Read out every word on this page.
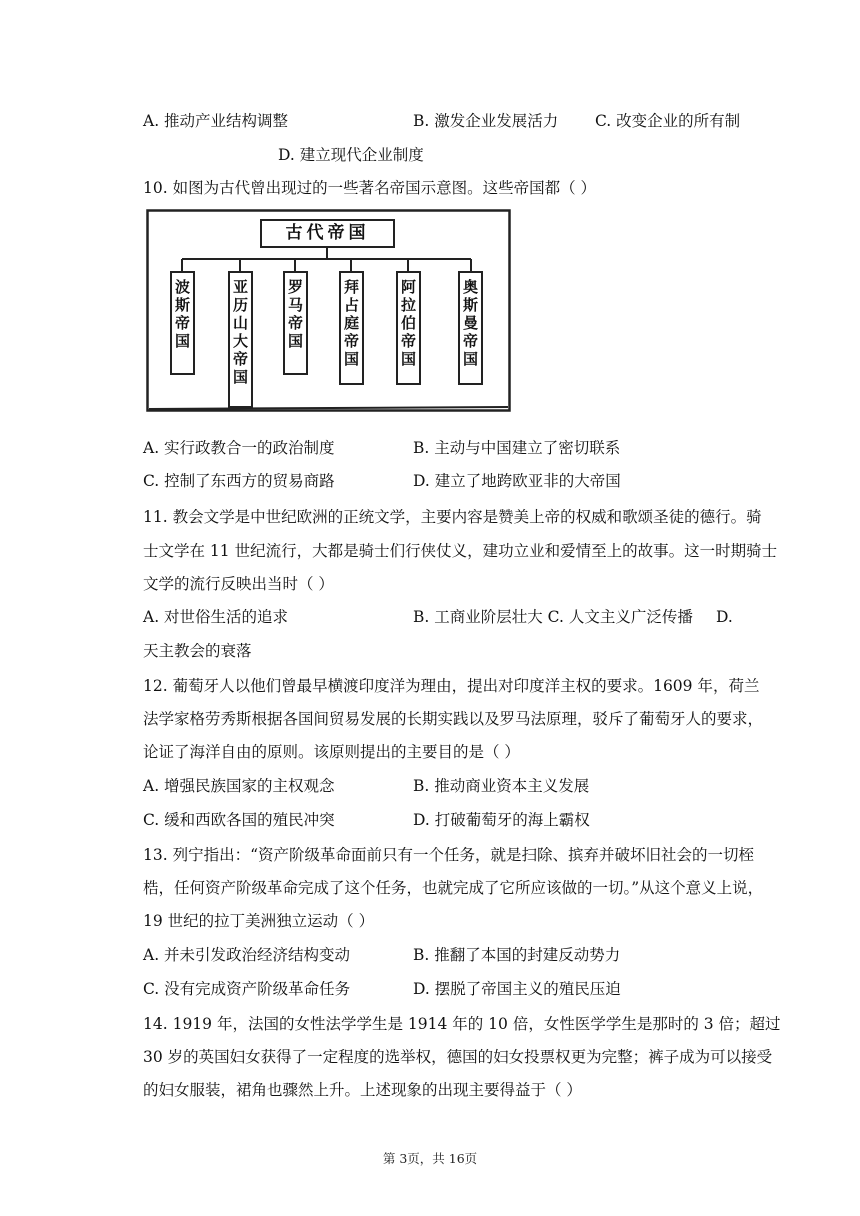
A. 推动产业结构调整	B. 激发企业发展活力 C. 改变企业的所有制
D. 建立现代企业制度
10. 如图为古代曾出现过的一些著名帝国示意图。这些帝国都（ ）
古代帝国
波斯帝国	亚历山大帝国 罗马帝国	拜占庭帝国	阿拉伯帝国	奥斯曼帝国
A. 实行政教合一的政治制度	B. 主动与中国建立了密切联系
C. 控制了东西方的贸易商路	D. 建立了地跨欧亚非的大帝国
11. 教会文学是中世纪欧洲的正统文学，主要内容是赞美上帝的权威和歌颂圣徒的德行。骑
士文学在 11 世纪流行，大都是骑士们行侠仗义，建功立业和爱情至上的故事。这一时期骑士
文学的流行反映出当时（ ）
A. 对世俗生活的追求	B. 工商业阶层壮大 C. 人文主义广泛传播 D.
天主教会的衰落
12. 葡萄牙人以他们曾最早横渡印度洋为理由，提出对印度洋主权的要求。1609 年，荷兰
法学家格劳秀斯根据各国间贸易发展的长期实践以及罗马法原理，驳斥了葡萄牙人的要求，
论证了海洋自由的原则。该原则提出的主要目的是（ ）
A. 增强民族国家的主权观念	B. 推动商业资本主义发展
C. 缓和西欧各国的殖民冲突	D. 打破葡萄牙的海上霸权
13. 列宁指出：“资产阶级革命面前只有一个任务，就是扫除、摈弃并破坏旧社会的一切桎
梏，任何资产阶级革命完成了这个任务，也就完成了它所应该做的一切。”从这个意义上说，
19 世纪的拉丁美洲独立运动（ ）
A. 并未引发政治经济结构变动	B. 推翻了本国的封建反动势力
C. 没有完成资产阶级革命任务	D. 摆脱了帝国主义的殖民压迫
14. 1919 年，法国的女性法学学生是 1914 年的 10 倍，女性医学学生是那时的 3 倍；超过
30 岁的英国妇女获得了一定程度的选举权，德国的妇女投票权更为完整；裤子成为可以接受
的妇女服装，裙角也骤然上升。上述现象的出现主要得益于（ ）
第 3页，共 16页
